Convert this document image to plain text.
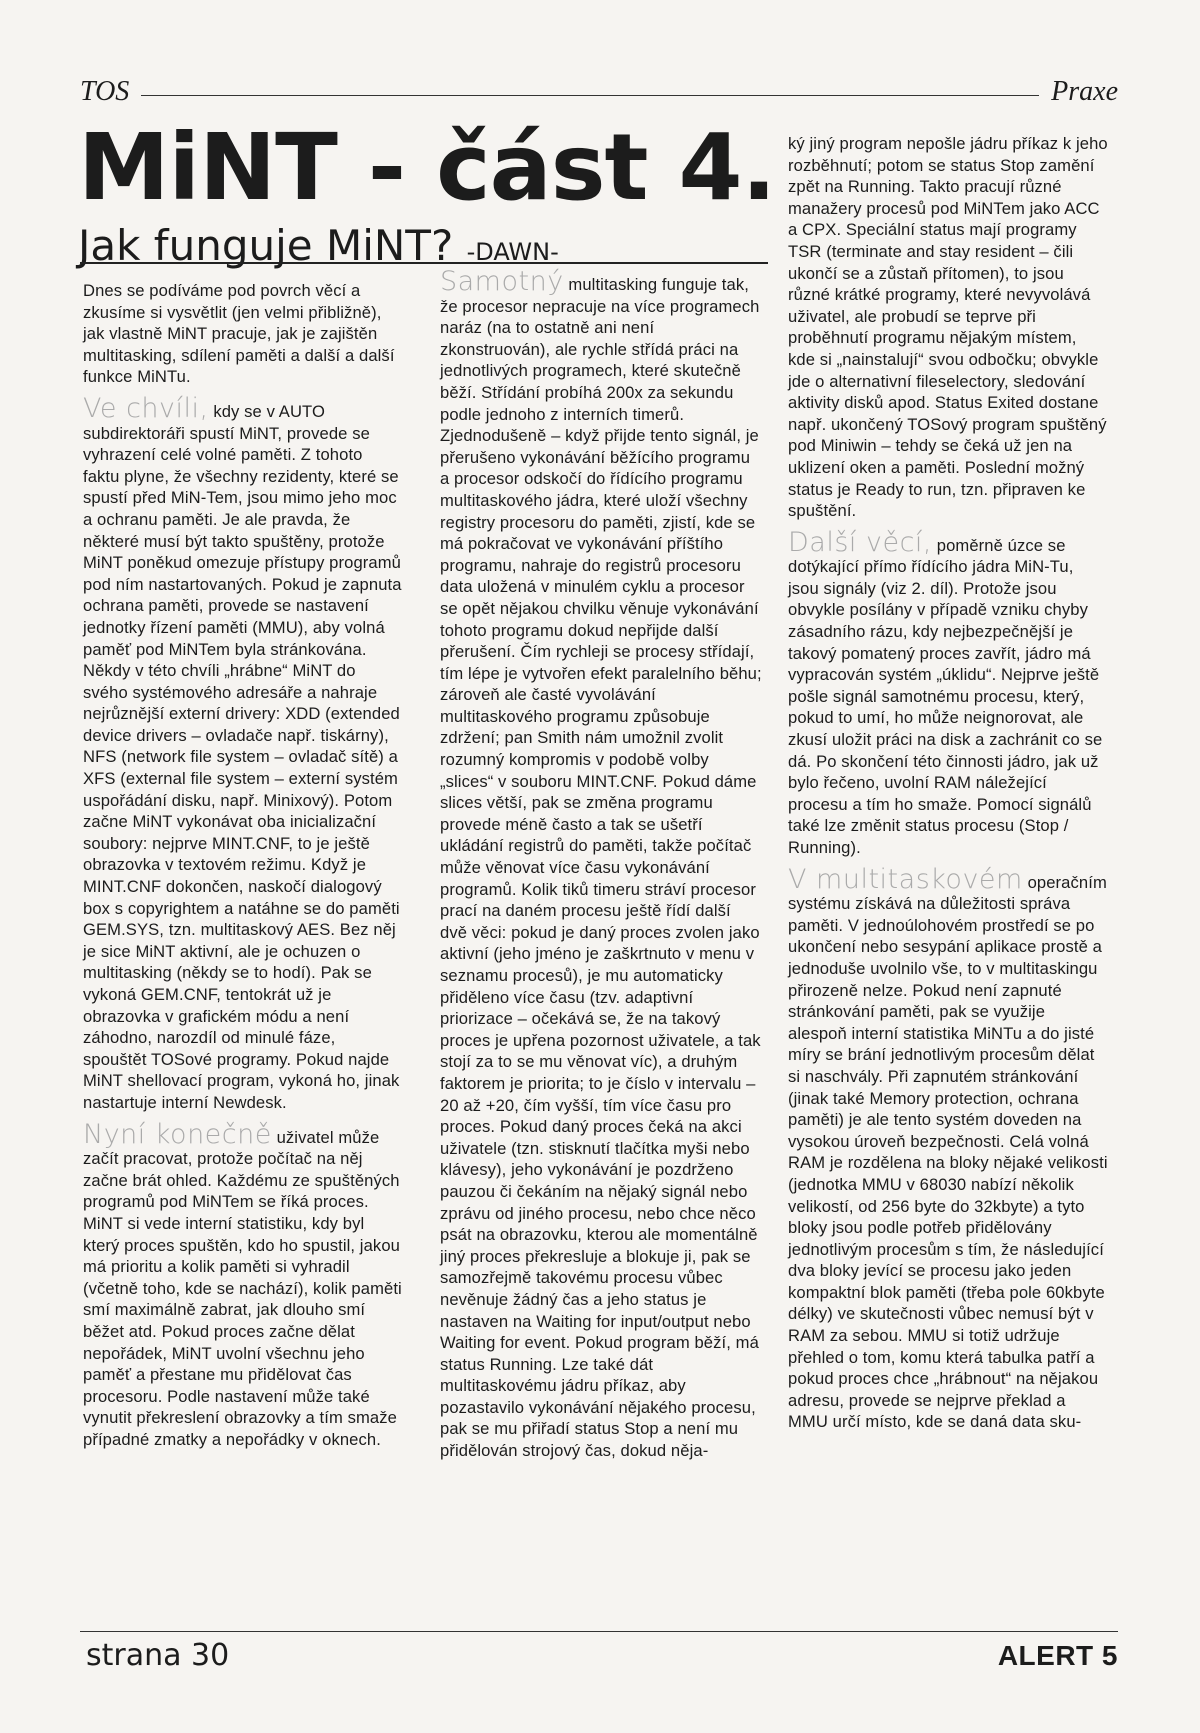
TOS	Praxe
MiNT - část 4.
Jak funguje MiNT? -DAWN-

Dnes se podíváme pod povrch věcí a zkusíme si vysvětlit (jen velmi přibližně), jak vlastně MiNT pracuje, jak je zajištěn multitasking, sdílení paměti a další a další funkce MiNTu.

Ve chvíli, kdy se v AUTO subdirektoráři spustí MiNT, provede se vyhrazení celé volné paměti. Z tohoto faktu plyne, že všechny rezidenty, které se spustí před MiN-Tem, jsou mimo jeho moc a ochranu paměti. Je ale pravda, že některé musí být takto spuštěny, protože MiNT poněkud omezuje přístupy programů pod ním nastartovaných. Pokud je zapnuta ochrana paměti, provede se nastavení jednotky řízení paměti (MMU), aby volná paměť pod MiNTem byla stránkována. Někdy v této chvíli „hrábne“ MiNT do svého systémového adresáře a nahraje nejrůznější externí drivery: XDD (extended device drivers – ovladače např. tiskárny), NFS (network file system – ovladač sítě) a XFS (external file system – externí systém uspořádání disku, např. Minixový). Potom začne MiNT vykonávat oba inicializační soubory: nejprve MINT.CNF, to je ještě obrazovka v textovém režimu. Když je MINT.CNF dokončen, naskočí dialogový box s copyrightem a natáhne se do paměti GEM.SYS, tzn. multitaskový AES. Bez něj je sice MiNT aktivní, ale je ochuzen o multitasking (někdy se to hodí). Pak se vykoná GEM.CNF, tentokrát už je obrazovka v grafickém módu a není záhodno, narozdíl od minulé fáze, spouštět TOSové programy. Pokud najde MiNT shellovací program, vykoná ho, jinak nastartuje interní Newdesk.

Nyní konečně uživatel může začít pracovat, protože počítač na něj začne brát ohled. Každému ze spuštěných programů pod MiNTem se říká proces. MiNT si vede interní statistiku, kdy byl který proces spuštěn, kdo ho spustil, jakou má prioritu a kolik paměti si vyhradil (včetně toho, kde se nachází), kolik paměti smí maximálně zabrat, jak dlouho smí běžet atd. Pokud proces začne dělat nepořádek, MiNT uvolní všechnu jeho paměť a přestane mu přidělovat čas procesoru. Podle nastavení může také vynutit překreslení obrazovky a tím smaže případné zmatky a nepořádky v oknech.

Samotný multitasking funguje tak, že procesor nepracuje na více programech naráz (na to ostatně ani není zkonstruován), ale rychle střídá práci na jednotlivých programech, které skutečně běží. Střídání probíhá 200x za sekundu podle jednoho z interních timerů. Zjednodušeně – když přijde tento signál, je přerušeno vykonávání běžícího programu a procesor odskočí do řídícího programu multitaskového jádra, které uloží všechny registry procesoru do paměti, zjistí, kde se má pokračovat ve vykonávání příštího programu, nahraje do registrů procesoru data uložená v minulém cyklu a procesor se opět nějakou chvilku věnuje vykonávání tohoto programu dokud nepřijde další přerušení. Čím rychleji se procesy střídají, tím lépe je vytvořen efekt paralelního běhu; zároveň ale časté vyvolávání multitaskového programu způsobuje zdržení; pan Smith nám umožnil zvolit rozumný kompromis v podobě volby „slices“ v souboru MINT.CNF. Pokud dáme slices větší, pak se změna programu provede méně často a tak se ušetří ukládání registrů do paměti, takže počítač může věnovat více času vykonávání programů. Kolik tiků timeru stráví procesor prací na daném procesu ještě řídí další dvě věci: pokud je daný proces zvolen jako aktivní (jeho jméno je zaškrtnuto v menu v seznamu procesů), je mu automaticky přiděleno více času (tzv. adaptivní priorizace – očekává se, že na takový proces je upřena pozornost uživatele, a tak stojí za to se mu věnovat víc), a druhým faktorem je priorita; to je číslo v intervalu –20 až +20, čím vyšší, tím více času pro proces. Pokud daný proces čeká na akci uživatele (tzn. stisknutí tlačítka myši nebo klávesy), jeho vykonávání je pozdrženo pauzou či čekáním na nějaký signál nebo zprávu od jiného procesu, nebo chce něco psát na obrazovku, kterou ale momentálně jiný proces překresluje a blokuje ji, pak se samozřejmě takovému procesu vůbec nevěnuje žádný čas a jeho status je nastaven na Waiting for input/output nebo Waiting for event. Pokud program běží, má status Running. Lze také dát multitaskovému jádru příkaz, aby pozastavilo vykonávání nějakého procesu, pak se mu přiřadí status Stop a není mu přidělován strojový čas, dokud něja-

ký jiný program nepošle jádru příkaz k jeho rozběhnutí; potom se status Stop zamění zpět na Running. Takto pracují různé manažery procesů pod MiNTem jako ACC a CPX. Speciální status mají programy TSR (terminate and stay resident – čili ukončí se a zůstaň přítomen), to jsou různé krátké programy, které nevyvolává uživatel, ale probudí se teprve při proběhnutí programu nějakým místem, kde si „nainstalují“ svou odbočku; obvykle jde o alternativní fileselectory, sledování aktivity disků apod. Status Exited dostane např. ukončený TOSový program spuštěný pod Miniwin – tehdy se čeká už jen na uklizení oken a paměti. Poslední možný status je Ready to run, tzn. připraven ke spuštění.

Další věcí, poměrně úzce se dotýkající přímo řídícího jádra MiN-Tu, jsou signály (viz 2. díl). Protože jsou obvykle posílány v případě vzniku chyby zásadního rázu, kdy nejbezpečnější je takový pomatený proces zavřít, jádro má vypracován systém „úklidu“. Nejprve ještě pošle signál samotnému procesu, který, pokud to umí, ho může neignorovat, ale zkusí uložit práci na disk a zachránit co se dá. Po skončení této činnosti jádro, jak už bylo řečeno, uvolní RAM náležející procesu a tím ho smaže. Pomocí signálů také lze změnit status procesu (Stop / Running).

V multitaskovém operačním systému získává na důležitosti správa paměti. V jednoúlohovém prostředí se po ukončení nebo sesypání aplikace prostě a jednoduše uvolnilo vše, to v multitaskingu přirozeně nelze. Pokud není zapnuté stránkování paměti, pak se využije alespoň interní statistika MiNTu a do jisté míry se brání jednotlivým procesům dělat si naschvály. Při zapnutém stránkování (jinak také Memory protection, ochrana paměti) je ale tento systém doveden na vysokou úroveň bezpečnosti. Celá volná RAM je rozdělena na bloky nějaké velikosti (jednotka MMU v 68030 nabízí několik velikostí, od 256 byte do 32kbyte) a tyto bloky jsou podle potřeb přidělovány jednotlivým procesům s tím, že následující dva bloky jevící se procesu jako jeden kompaktní blok paměti (třeba pole 60kbyte délky) ve skutečnosti vůbec nemusí být v RAM za sebou. MMU si totiž udržuje přehled o tom, komu která tabulka patří a pokud proces chce „hrábnout“ na nějakou adresu, provede se nejprve překlad a MMU určí místo, kde se daná data sku-

strana 30	ALERT 5
